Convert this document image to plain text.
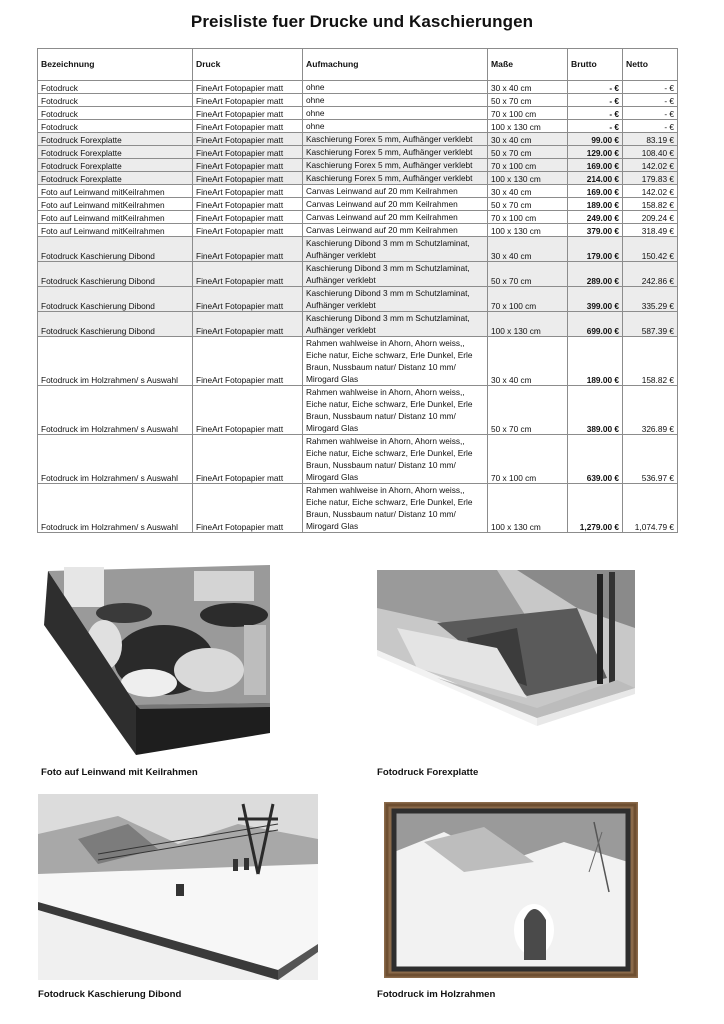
Preisliste fuer Drucke und Kaschierungen
Bezeichnung	Druck	Aufmachung	Maße	Brutto	Netto
Fotodruck	FineArt Fotopapier matt	ohne	30 x 40 cm	- €	- €
Fotodruck	FineArt Fotopapier matt	ohne	50 x 70 cm	- €	- €
Fotodruck	FineArt Fotopapier matt	ohne	70 x 100 cm	- €	- €
Fotodruck	FineArt Fotopapier matt	ohne	100 x 130 cm	- €	- €
Fotodruck Forexplatte	FineArt Fotopapier matt	Kaschierung Forex 5 mm, Aufhänger verklebt	30 x 40 cm	99.00 €	83.19 €
Fotodruck Forexplatte	FineArt Fotopapier matt	Kaschierung Forex 5 mm, Aufhänger verklebt	50 x 70 cm	129.00 €	108.40 €
Fotodruck Forexplatte	FineArt Fotopapier matt	Kaschierung Forex 5 mm, Aufhänger verklebt	70 x 100 cm	169.00 €	142.02 €
Fotodruck Forexplatte	FineArt Fotopapier matt	Kaschierung Forex 5 mm, Aufhänger verklebt	100 x 130 cm	214.00 €	179.83 €
Foto auf Leinwand mitKeilrahmen	FineArt Fotopapier matt	Canvas Leinwand auf 20 mm Keilrahmen	30 x 40 cm	169.00 €	142.02 €
Foto auf Leinwand mitKeilrahmen	FineArt Fotopapier matt	Canvas Leinwand auf 20 mm Keilrahmen	50 x 70 cm	189.00 €	158.82 €
Foto auf Leinwand mitKeilrahmen	FineArt Fotopapier matt	Canvas Leinwand auf 20 mm Keilrahmen	70 x 100 cm	249.00 €	209.24 €
Foto auf Leinwand mitKeilrahmen	FineArt Fotopapier matt	Canvas Leinwand auf 20 mm Keilrahmen	100 x 130 cm	379.00 €	318.49 €
Fotodruck Kaschierung Dibond	FineArt Fotopapier matt	Kaschierung Dibond 3 mm m Schutzlaminat, Aufhänger verklebt	30 x 40 cm	179.00 €	150.42 €
Fotodruck Kaschierung Dibond	FineArt Fotopapier matt	Kaschierung Dibond 3 mm m Schutzlaminat, Aufhänger verklebt	50 x 70 cm	289.00 €	242.86 €
Fotodruck Kaschierung Dibond	FineArt Fotopapier matt	Kaschierung Dibond 3 mm m Schutzlaminat, Aufhänger verklebt	70 x 100 cm	399.00 €	335.29 €
Fotodruck Kaschierung Dibond	FineArt Fotopapier matt	Kaschierung Dibond 3 mm m Schutzlaminat, Aufhänger verklebt	100 x 130 cm	699.00 €	587.39 €
Fotodruck im Holzrahmen/ s Auswahl	FineArt Fotopapier matt	Rahmen wahlweise in Ahorn, Ahorn weiss,, Eiche natur, Eiche schwarz, Erle Dunkel, Erle Braun, Nussbaum natur/ Distanz 10 mm/ Mirogard Glas	30 x 40 cm	189.00 €	158.82 €
Fotodruck im Holzrahmen/ s Auswahl	FineArt Fotopapier matt	Rahmen wahlweise in Ahorn, Ahorn weiss,, Eiche natur, Eiche schwarz, Erle Dunkel, Erle Braun, Nussbaum natur/ Distanz 10 mm/ Mirogard Glas	50 x 70 cm	389.00 €	326.89 €
Fotodruck im Holzrahmen/ s Auswahl	FineArt Fotopapier matt	Rahmen wahlweise in Ahorn, Ahorn weiss,, Eiche natur, Eiche schwarz, Erle Dunkel, Erle Braun, Nussbaum natur/ Distanz 10 mm/ Mirogard Glas	70 x 100 cm	639.00 €	536.97 €
Fotodruck im Holzrahmen/ s Auswahl	FineArt Fotopapier matt	Rahmen wahlweise in Ahorn, Ahorn weiss,, Eiche natur, Eiche schwarz, Erle Dunkel, Erle Braun, Nussbaum natur/ Distanz 10 mm/ Mirogard Glas	100 x 130 cm	1,279.00 €	1,074.79 €
Foto auf Leinwand mit Keilrahmen	Fotodruck Forexplatte
Fotodruck Kaschierung Dibond	Fotodruck im Holzrahmen
